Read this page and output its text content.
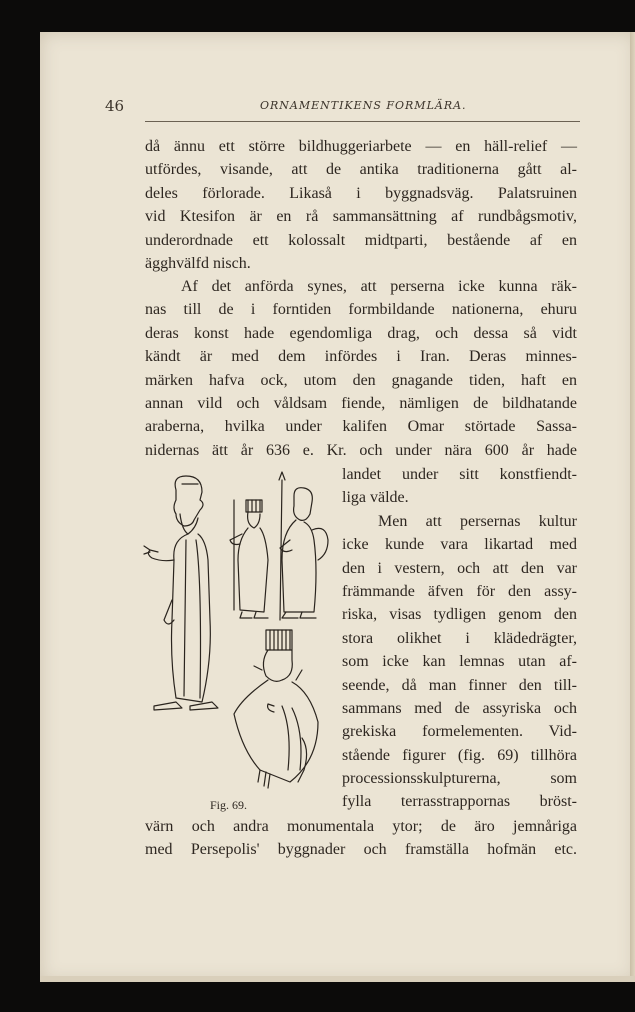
46	ORNAMENTIKENS FORMLÄRA.
då ännu ett större bildhuggeriarbete — en häll-relief —
utfördes, visande, att de antika traditionerna gått al-
deles förlorade. Likaså i byggnadsväg. Palatsruinen
vid Ktesifon är en rå sammansättning af rundbågsmotiv,
underordnade ett kolossalt midtparti, bestående af en
ägghvälfd nisch.
Af det anförda synes, att perserna icke kunna räk-
nas till de i forntiden formbildande nationerna, ehuru
deras konst hade egendomliga drag, och dessa så vidt
kändt är med dem infördes i Iran. Deras minnes-
märken hafva ock, utom den gnagande tiden, haft en
annan vild och våldsam fiende, nämligen de bildhatande
araberna, hvilka under kalifen Omar störtade Sassa-
nidernas ätt år 636 e. Kr. och under nära 600 år hade
landet under sitt konstfiendt-
liga välde.
Men att persernas kultur
icke kunde vara likartad med
den i vestern, och att den var
främmande äfven för den assy-
riska, visas tydligen genom den
stora olikhet i klädedrägter,
som icke kan lemnas utan af-
seende, då man finner den till-
sammans med de assyriska och
grekiska formelementen. Vid-
stående figurer (fig. 69) tillhöra
processionsskulpturerna, som
fylla terrasstrappornas bröst-
värn och andra monumentala ytor; de äro jemnåriga
med Persepolis' byggnader och framställa hofmän etc.
Fig. 69.
